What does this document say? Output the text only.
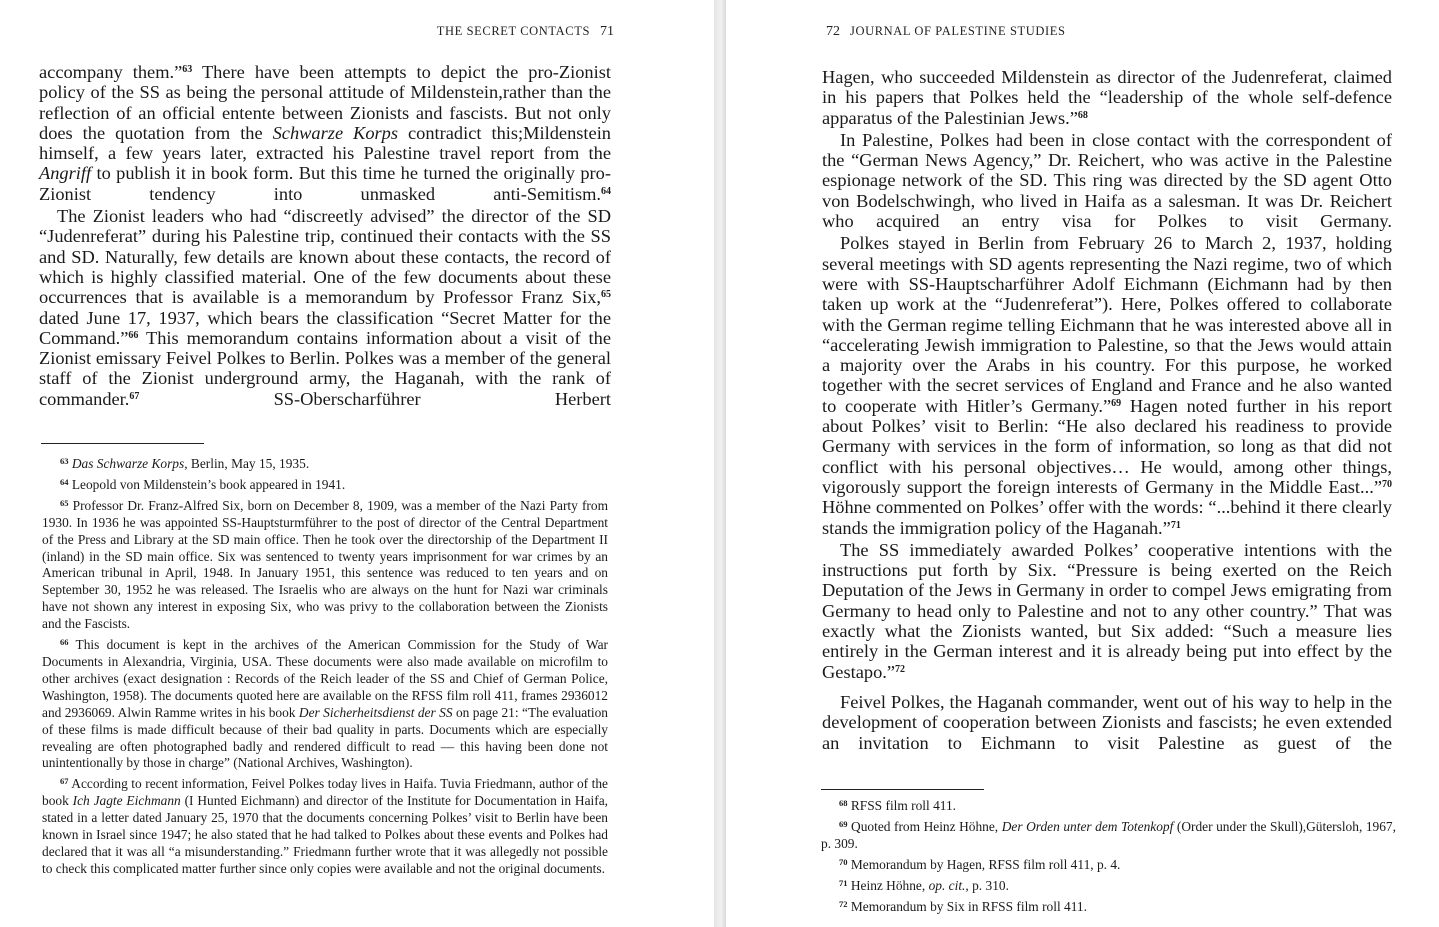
THE SECRET CONTACTS 71

accompany them.”$^{63}$ There have been attempts to depict the pro-Zionist policy of the SS as being the personal attitude of Mildenstein,rather than the reflection of an official entente between Zionists and fascists. But not only does the quotation from the Schwarze Korps contradict this;Mildenstein himself, a few years later, extracted his Palestine travel report from the Angriff to publish it in book form. But this time he turned the originally pro-Zionist tendency into unmasked anti-Semitism.$^{64}$

The Zionist leaders who had “discreetly advised” the director of the SD “Judenreferat” during his Palestine trip, continued their contacts with the SS and SD. Naturally, few details are known about these contacts, the record of which is highly classified material. One of the few documents about these occurrences that is available is a memorandum by Professor Franz Six,$^{65}$ dated June 17, 1937, which bears the classification “Secret Matter for the Command.”$^{66}$ This memorandum contains information about a visit of the Zionist emissary Feivel Polkes to Berlin. Polkes was a member of the general staff of the Zionist underground army, the Haganah, with the rank of commander.$^{67}$ SS-Oberscharführer Herbert

$^{63}$ Das Schwarze Korps, Berlin, May 15, 1935.

$^{64}$ Leopold von Mildenstein’s book appeared in 1941.

$^{65}$ Professor Dr. Franz-Alfred Six, born on December 8, 1909, was a member of the Nazi Party from 1930. In 1936 he was appointed SS-Hauptsturmführer to the post of director of the Central Department of the Press and Library at the SD main office. Then he took over the directorship of the Department II (inland) in the SD main office. Six was sentenced to twenty years imprisonment for war crimes by an American tribunal in April, 1948. In January 1951, this sentence was reduced to ten years and on September 30, 1952 he was released. The Israelis who are always on the hunt for Nazi war criminals have not shown any interest in exposing Six, who was privy to the collaboration between the Zionists and the Fascists.

$^{66}$ This document is kept in the archives of the American Commission for the Study of War Documents in Alexandria, Virginia, USA. These documents were also made available on microfilm to other archives (exact designation : Records of the Reich leader of the SS and Chief of German Police, Washington, 1958). The documents quoted here are available on the RFSS film roll 411, frames 2936012 and 2936069. Alwin Ramme writes in his book Der Sicherheitsdienst der SS on page 21: “The evaluation of these films is made difficult because of their bad quality in parts. Documents which are especially revealing are often photographed badly and rendered difficult to read — this having been done not unintentionally by those in charge” (National Archives, Washington).

$^{67}$ According to recent information, Feivel Polkes today lives in Haifa. Tuvia Friedmann, author of the book Ich Jagte Eichmann (I Hunted Eichmann) and director of the Institute for Documentation in Haifa, stated in a letter dated January 25, 1970 that the documents concerning Polkes’ visit to Berlin have been known in Israel since 1947; he also stated that he had talked to Polkes about these events and Polkes had declared that it was all “a misunderstanding.” Friedmann further wrote that it was allegedly not possible to check this complicated matter further since only copies were available and not the original documents.

72 JOURNAL OF PALESTINE STUDIES

Hagen, who succeeded Mildenstein as director of the Judenreferat, claimed in his papers that Polkes held the “leadership of the whole self-defence apparatus of the Palestinian Jews.”$^{68}$

In Palestine, Polkes had been in close contact with the correspondent of the “German News Agency,” Dr. Reichert, who was active in the Palestine espionage network of the SD. This ring was directed by the SD agent Otto von Bodelschwingh, who lived in Haifa as a salesman. It was Dr. Reichert who acquired an entry visa for Polkes to visit Germany.

Polkes stayed in Berlin from February 26 to March 2, 1937, holding several meetings with SD agents representing the Nazi regime, two of which were with SS-Hauptscharführer Adolf Eichmann (Eichmann had by then taken up work at the “Judenreferat”). Here, Polkes offered to collaborate with the German regime telling Eichmann that he was interested above all in “accelerating Jewish immigration to Palestine, so that the Jews would attain a majority over the Arabs in his country. For this purpose, he worked together with the secret services of England and France and he also wanted to cooperate with Hitler’s Germany.”$^{69}$ Hagen noted further in his report about Polkes’ visit to Berlin: “He also declared his readiness to provide Germany with services in the form of information, so long as that did not conflict with his personal objectives… He would, among other things, vigorously support the foreign interests of Germany in the Middle East...”$^{70}$ Höhne commented on Polkes’ offer with the words: “...behind it there clearly stands the immigration policy of the Haganah.”$^{71}$

The SS immediately awarded Polkes’ cooperative intentions with the instructions put forth by Six. “Pressure is being exerted on the Reich Deputation of the Jews in Germany in order to compel Jews emigrating from Germany to head only to Palestine and not to any other country.” That was exactly what the Zionists wanted, but Six added: “Such a measure lies entirely in the German interest and it is already being put into effect by the Gestapo.”$^{72}$

Feivel Polkes, the Haganah commander, went out of his way to help in the development of cooperation between Zionists and fascists; he even extended an invitation to Eichmann to visit Palestine as guest of the

$^{68}$ RFSS film roll 411.

$^{69}$ Quoted from Heinz Höhne, Der Orden unter dem Totenkopf (Order under the Skull),Gütersloh, 1967, p. 309.

$^{70}$ Memorandum by Hagen, RFSS film roll 411, p. 4.

$^{71}$ Heinz Höhne, op. cit., p. 310.

$^{72}$ Memorandum by Six in RFSS film roll 411.
